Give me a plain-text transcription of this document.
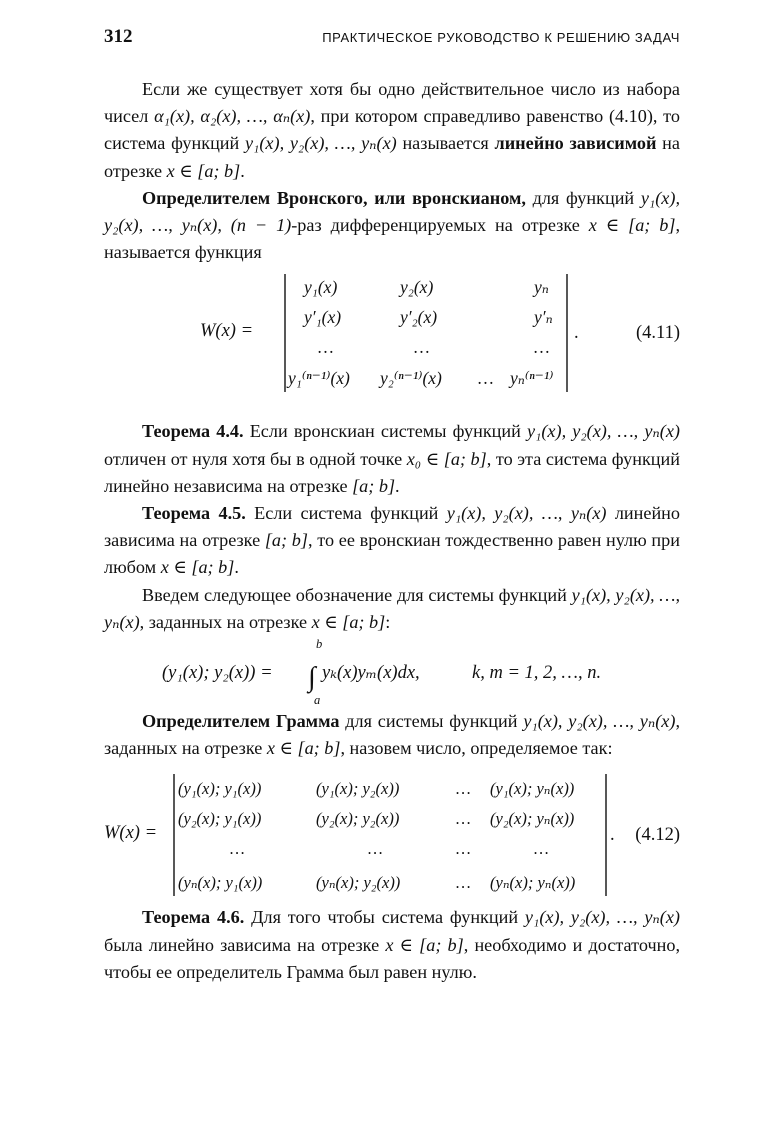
312	ПРАКТИЧЕСКОЕ РУКОВОДСТВО К РЕШЕНИЮ ЗАДАЧ

Если же существует хотя бы одно действительное число из набора чисел α₁(x), α₂(x), …, αₙ(x), при котором справедливо равенство (4.10), то система функций y₁(x), y₂(x), …, yₙ(x) называется линейно зависимой на отрезке x ∈ [a; b].

Определителем Вронского, или вронскианом, для функций y₁(x), y₂(x), …, yₙ(x), (n − 1)-раз дифференцируемых на отрезке x ∈ [a; b], называется функция

W(x) =
y₁(x)	y₂(x)	yₙ
y′₁(x)	y′₂(x)	y′ₙ
…	…	…
y₁⁽ⁿ⁻¹⁾(x) y₂⁽ⁿ⁻¹⁾(x) … yₙ⁽ⁿ⁻¹⁾
.	(4.11)

Теорема 4.4. Если вронскиан системы функций y₁(x), y₂(x), …, yₙ(x) отличен от нуля хотя бы в одной точке x₀ ∈ [a; b], то эта система функций линейно независима на отрезке [a; b].

Теорема 4.5. Если система функций y₁(x), y₂(x), …, yₙ(x) линейно зависима на отрезке [a; b], то ее вронскиан тождественно равен нулю при любом x ∈ [a; b].

Введем следующее обозначение для системы функций y₁(x), y₂(x), …, yₙ(x), заданных на отрезке x ∈ [a; b]:

(y₁(x); y₂(x)) =
b
∫
a
yₖ(x)yₘ(x)dx,	k, m = 1, 2, …, n.

Определителем Грамма для системы функций y₁(x), y₂(x), …, yₙ(x), заданных на отрезке x ∈ [a; b], назовем число, определяемое так:

W(x) =
(y₁(x); y₁(x))	(y₁(x); y₂(x))	… (y₁(x); yₙ(x))
(y₂(x); y₁(x))	(y₂(x); y₂(x))	… (y₂(x); yₙ(x))
…	…	…	…
(yₙ(x); y₁(x))	(yₙ(x); y₂(x))	… (yₙ(x); yₙ(x))
. (4.12)

Теорема 4.6. Для того чтобы система функций y₁(x), y₂(x), …, yₙ(x) была линейно зависима на отрезке x ∈ [a; b], необходимо и достаточно, чтобы ее определитель Грамма был равен нулю.
